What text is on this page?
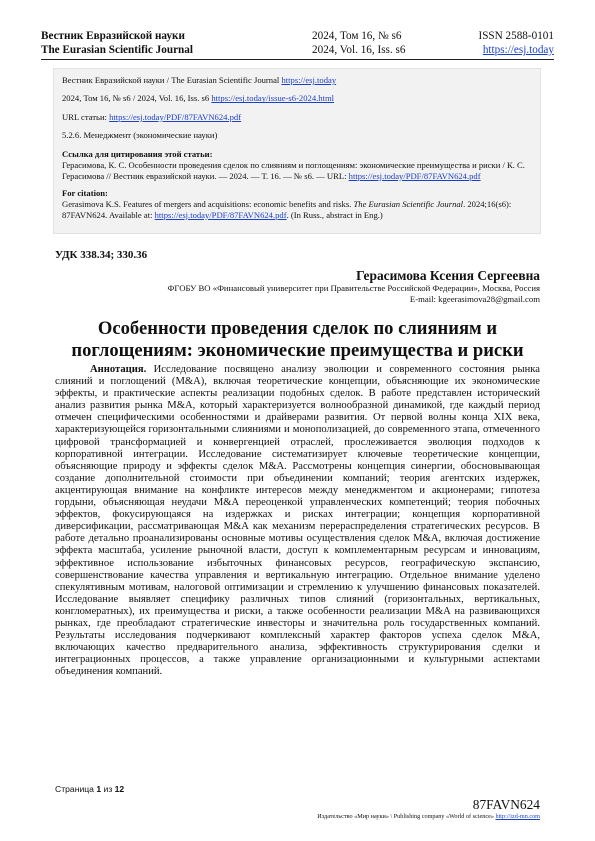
Вестник Евразийской науки	2024, Том 16, № s6	ISSN 2588-0101
The Eurasian Scientific Journal	2024, Vol. 16, Iss. s6	https://esj.today

Вестник Евразийской науки / The Eurasian Scientific Journal https://esj.today

2024, Том 16, № s6 / 2024, Vol. 16, Iss. s6 https://esj.today/issue-s6-2024.html

URL статьи: https://esj.today/PDF/87FAVN624.pdf

5.2.6. Менеджмент (экономические науки)

Ссылка для цитирования этой статьи:

Герасимова, К. С. Особенности проведения сделок по слияниям и поглощениям: экономические преимущества и риски / К. С. Герасимова // Вестник евразийской науки. — 2024. — Т. 16. — № s6. — URL: https://esj.today/PDF/87FAVN624.pdf

For citation:

Gerasimova K.S. Features of mergers and acquisitions: economic benefits and risks. The Eurasian Scientific Journal. 2024;16(s6): 87FAVN624. Available at: https://esj.today/PDF/87FAVN624.pdf. (In Russ., abstract in Eng.)

УДК 338.34; 330.36
Герасимова Ксения Сергеевна
ФГОБУ ВО «Финансовый университет при Правительстве Российской Федерации», Москва, Россия
E-mail: kgeerasimova28@gmail.com
Особенности проведения сделок по слияниям и поглощениям: экономические преимущества и риски

Аннотация. Исследование посвящено анализу эволюции и современного состояния рынка слияний и поглощений (M&A), включая теоретические концепции, объясняющие их экономические эффекты, и практические аспекты реализации подобных сделок. В работе представлен исторический анализ развития рынка M&A, который характеризуется волнообразной динамикой, где каждый период отмечен специфическими особенностями и драйверами развития. От первой волны конца XIX века, характеризующейся горизонтальными слияниями и монополизацией, до современного этапа, отмеченного цифровой трансформацией и конвергенцией отраслей, прослеживается эволюция подходов к корпоративной интеграции. Исследование систематизирует ключевые теоретические концепции, объясняющие природу и эффекты сделок M&A. Рассмотрены концепция синергии, обосновывающая создание дополнительной стоимости при объединении компаний; теория агентских издержек, акцентирующая внимание на конфликте интересов между менеджментом и акционерами; гипотеза гордыни, объясняющая неудачи M&A переоценкой управленческих компетенций; теория побочных эффектов, фокусирующаяся на издержках и рисках интеграции; концепция корпоративной диверсификации, рассматривающая M&A как механизм перераспределения стратегических ресурсов. В работе детально проанализированы основные мотивы осуществления сделок M&A, включая достижение эффекта масштаба, усиление рыночной власти, доступ к комплементарным ресурсам и инновациям, эффективное использование избыточных финансовых ресурсов, географическую экспансию, совершенствование качества управления и вертикальную интеграцию. Отдельное внимание уделено спекулятивным мотивам, налоговой оптимизации и стремлению к улучшению финансовых показателей. Исследование выявляет специфику различных типов слияний (горизонтальных, вертикальных, конгломератных), их преимущества и риски, а также особенности реализации M&A на развивающихся рынках, где преобладают стратегические инвесторы и значительна роль государственных компаний. Результаты исследования подчеркивают комплексный характер факторов успеха сделок M&A, включающих качество предварительного анализа, эффективность структурирования сделки и интеграционных процессов, а также управление организационными и культурными аспектами объединения компаний.

Страница 1 из 12
87FAVN624
Издательство «Мир науки» \ Publishing company «World of science» http://izd-mn.com
